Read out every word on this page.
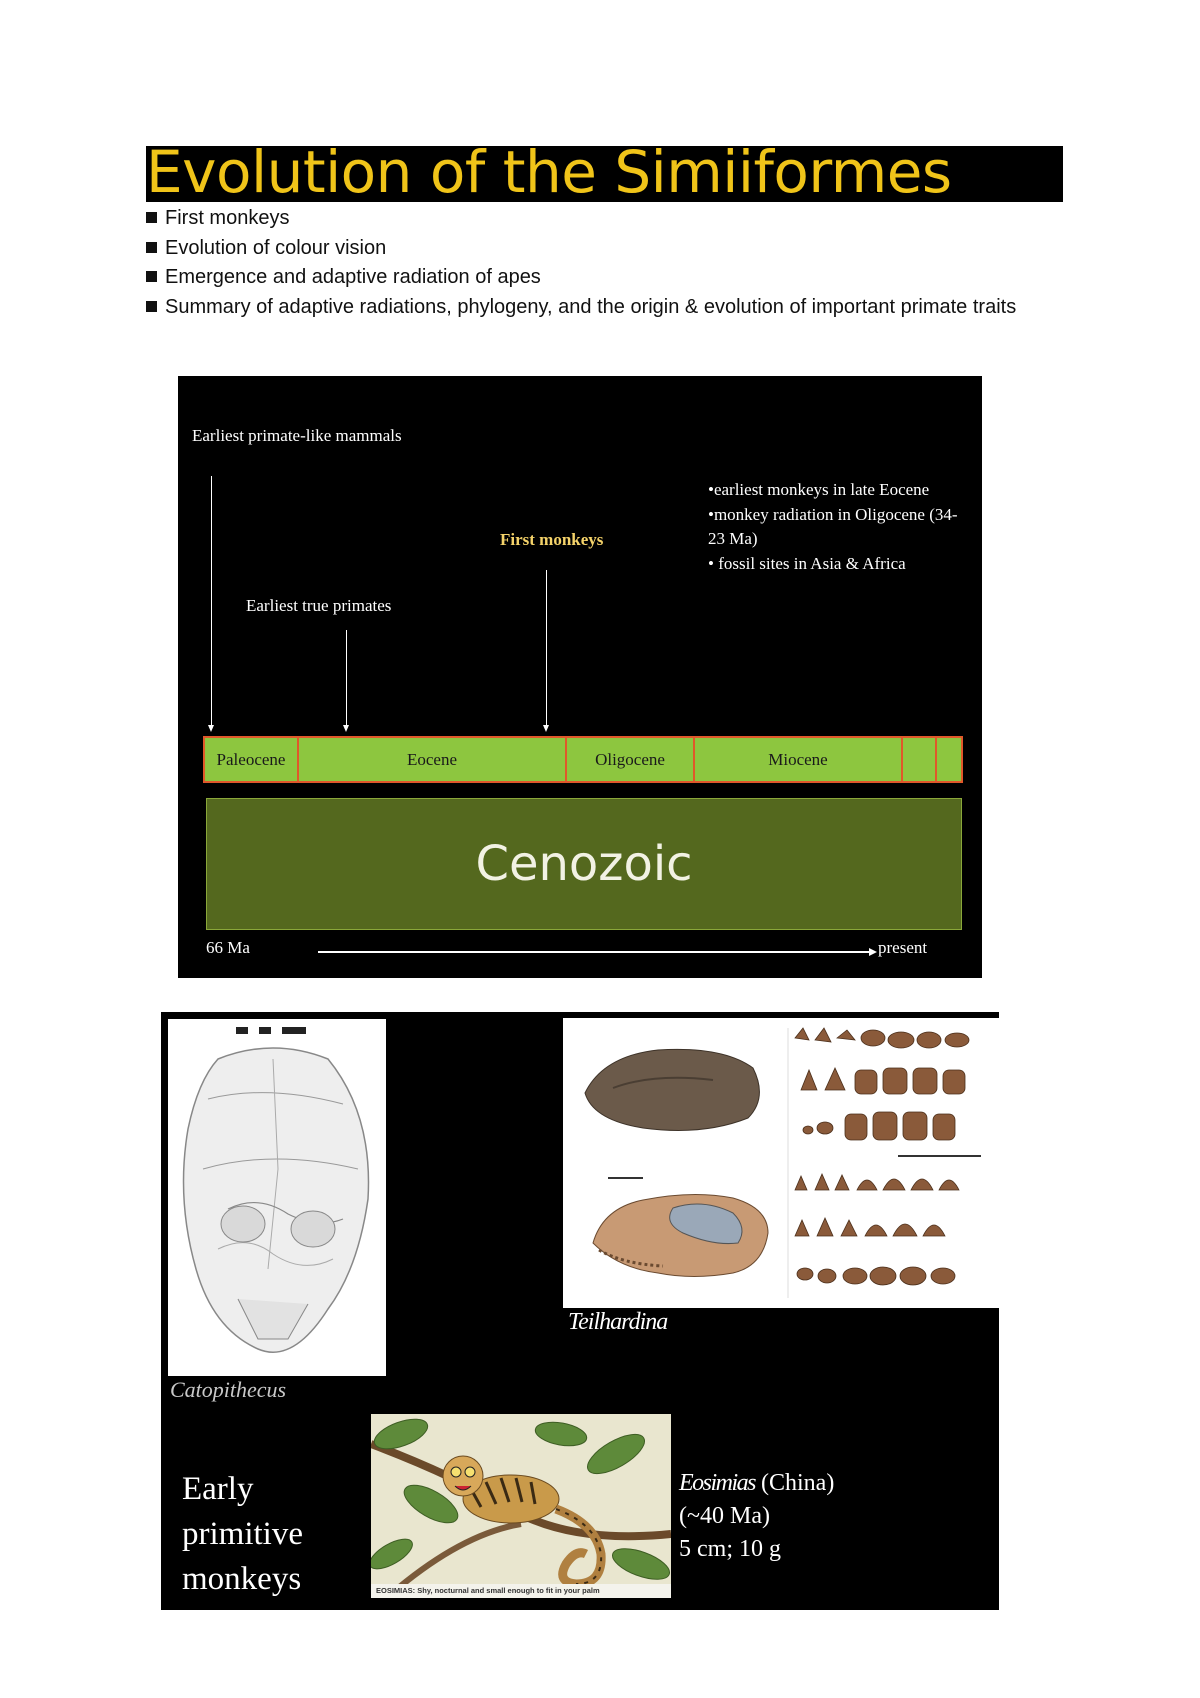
Evolution of the Simiiformes
First monkeys
Evolution of colour vision
Emergence and adaptive radiation of apes
Summary of adaptive radiations, phylogeny, and the origin & evolution of important primate traits
Earliest primate-like mammals
Earliest true primates
First monkeys
•earliest monkeys in late Eocene
•monkey radiation in Oligocene (34-23 Ma)
• fossil sites in Asia & Africa
Paleocene	Eocene	Oligocene	Miocene
Cenozoic
66 Ma	present
Catopithecus
Teilhardina
EOSIMIAS: Shy, nocturnal and small enough to fit in your palm
Early
primitive
monkeys
Eosimias (China)
(~40 Ma)
5 cm; 10 g
